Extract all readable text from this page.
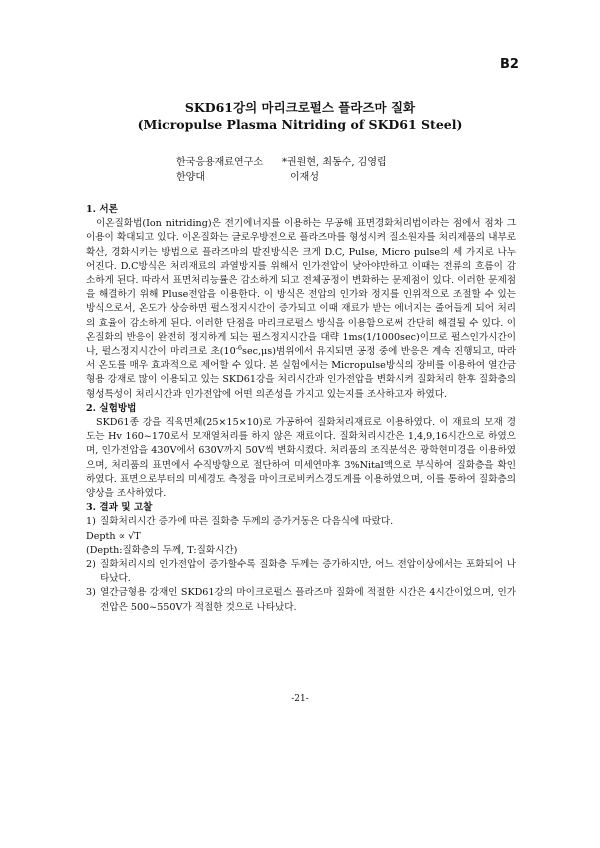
B2
SKD61강의 마리크로펄스 플라즈마 질화
(Micropulse Plasma Nitriding of SKD61 Steel)
한국응용재료연구소 *권원현, 최동수, 김영립
한양대	이재성

1. 서론

이온질화법(Ion nitriding)은 전기에너지를 이용하는 무공해 표면경화처리법이라는 점에서 점차 그 이용이 확대되고 있다. 이온질화는 글로우방전으로 플라즈마를 형성시켜 질소원자를 처리제품의 내부로 확산, 경화시키는 방법으로 플라즈마의 발진방식은 크게 D.C, Pulse, Micro pulse의 세 가지로 나누어진다. D.C방식은 처리재료의 과열방지를 위해서 인가전압이 낮아야만하고 이때는 전류의 흐름이 감소하게 된다. 따라서 표면처리능률은 감소하게 되고 전체공정이 변화하는 문제점이 있다. 이러한 문제점을 해결하기 위해 Pluse전압을 이용한다. 이 방식은 전압의 인가와 정지를 인위적으로 조절할 수 있는 방식으로서, 온도가 상승하면 펄스정지시간이 증가되고 이때 재료가 받는 에너지는 줄어들게 되어 처리의 효율이 감소하게 된다. 이러한 단점을 마리크로펄스 방식을 이용함으로써 간단히 해결될 수 있다. 이온질화의 반응이 완전히 정지하게 되는 펄스정지시간을 대략 1ms(1/1000sec)이므로 펄스인가시간이나, 펄스정지시간이 마리크로 초$(10^{-6}\sec,\mu s)$범위에서 유지되면 공정 중에 반응은 계속 진행되고, 따라서 온도를 매우 효과적으로 제어할 수 있다. 본 실험에서는 Micropulse방식의 장비를 이용하여 열간금형용 강재로 많이 이용되고 있는 SKD61강을 처리시간과 인가전압을 변화시켜 질화처리 한후 질화층의 형성특성이 처리시간과 인가전압에 어떤 의존성을 가지고 있는지를 조사하고자 하였다.

2. 실험방법

SKD61종 강을 직육면체(25×15×10)로 가공하여 질화처리재료로 이용하였다. 이 재료의 모재 경도는 Hv 160~170로서 모재열처리를 하지 않은 재료이다. 질화처리시간은 1,4,9,16시간으로 하였으며, 인가전압을 430V에서 630V까지 50V씩 변화시켰다. 처리품의 조직분석은 광학현미경을 이용하였으며, 처리품의 표면에서 수직방향으로 절단하여 미세연마후 3%Nital액으로 부식하여 질화층을 확인하였다. 표면으로부터의 미세경도 측정을 마이크로비커스경도계를 이용하였으며, 이를 통하여 질화층의 양상을 조사하였다.

3. 결과 및 고찰

1) 질화처리시간 증가에 따른 질화층 두께의 증가거동은 다음식에 따랐다.

Depth ∝ √T

(Depth:질화층의 두께, T:질화시간)

2) 질화처리시의 인가전압이 증가할수록 질화층 두께는 증가하지만, 어느 전압이상에서는 포화되어 나타났다.
3) 열간금형용 강재인 SKD61강의 마이크로펄스 플라즈마 질화에 적절한 시간은 4시간이었으며, 인가전압은 500~550V가 적절한 것으로 나타났다.
-21-
